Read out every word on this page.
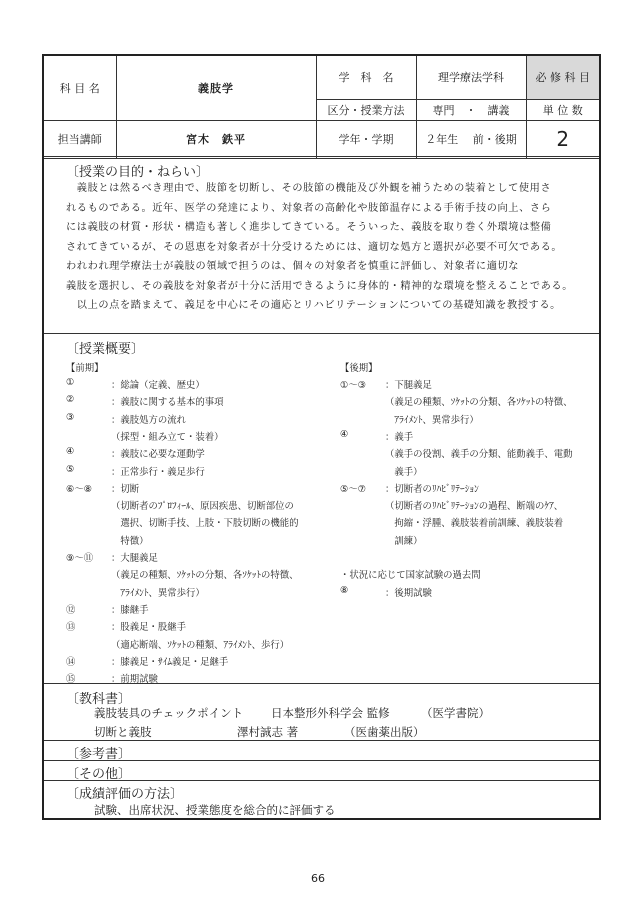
科 目 名	義肢学	学　科　名	理学療法学科	必 修 科 目
		区分・授業方法	専門　・　講義	単 位 数
担当講師	宮木　鉄平	学年・学期	２年生　 前・後期	2
〔授業の目的・ねらい〕
　義肢とは然るべき理由で、肢節を切断し、その肢節の機能及び外観を補うための装着として使用さ
れるものである。近年、医学の発達により、対象者の高齢化や肢節温存による手術手技の向上、さら
には義肢の材質・形状・構造も著しく進歩してきている。そういった、義肢を取り巻く外環境は整備
されてきているが、その恩恵を対象者が十分受けるためには、適切な処方と選択が必要不可欠である。
われわれ理学療法士が義肢の領域で担うのは、個々の対象者を慎重に評価し、対象者に適切な
義肢を選択し、その義肢を対象者が十分に活用できるように身体的・精神的な環境を整えることである。
　以上の点を踏まえて、義足を中心にその適応とリハビリテーションについての基礎知識を教授する。
〔授業概要〕
【前期】
①	：総論（定義、歴史）
②	：義肢に関する基本的事項
③	：義肢処方の流れ
（採型・組み立て・装着）
④	：義肢に必要な運動学
⑤	：正常歩行・義足歩行
⑥～⑧ ：切断
（切断者のﾌﾟﾛﾌｨｰﾙ、原因疾患、切断部位の
　選択、切断手技、上肢・下肢切断の機能的
　特徴）
⑨～⑪ ：大腿義足
（義足の種類、ｿｹｯﾄの分類、各ｿｹｯﾄの特徴、
　ｱﾗｲﾒﾝﾄ、異常歩行）
⑫	：膝継手
⑬	：股義足・股継手
（適応断端、ｿｹｯﾄの種類、ｱﾗｲﾒﾝﾄ、歩行）
⑭	：膝義足・ｻｲﾑ義足・足継手
⑮	：前期試験
【後期】
①～③ ：下腿義足
（義足の種類、ｿｹｯﾄの分類、各ｿｹｯﾄの特徴、
　ｱﾗｲﾒﾝﾄ、異常歩行）
④	：義手
（義手の役割、義手の分類、能動義手、電動
　義手）
⑤～⑦ ：切断者のﾘﾊﾋﾞﾘﾃｰｼｮﾝ
（切断者のﾘﾊﾋﾞﾘﾃｰｼｮﾝの過程、断端のｹｱ、
　拘縮・浮腫、義肢装着前訓練、義肢装着
　訓練）
・状況に応じて国家試験の過去問
⑧	：後期試験
〔教科書〕
義肢装具のチェックポイント 日本整形外科学会 監修	（医学書院）
切断と義肢	澤村誠志 著	（医歯薬出版）
〔参考書〕
〔その他〕
〔成績評価の方法〕
試験、出席状況、授業態度を総合的に評価する
66
